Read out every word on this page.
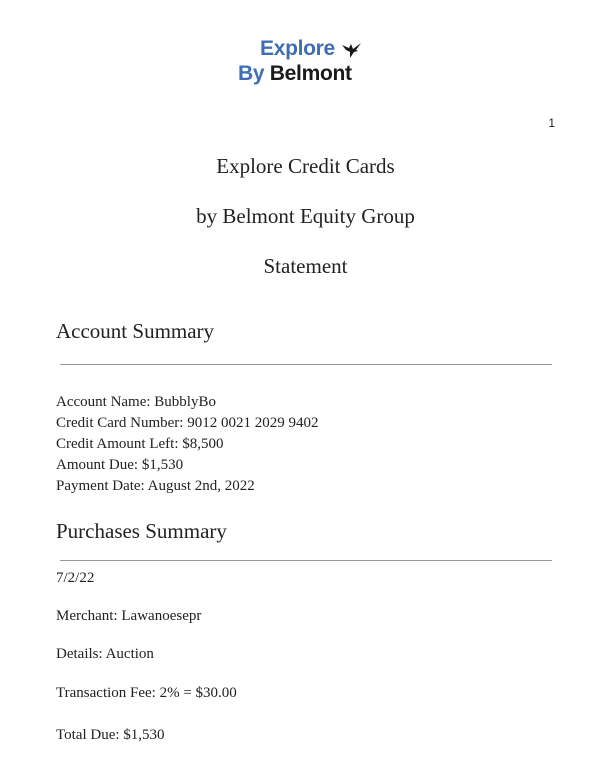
Explore
By Belmont
1
Explore Credit Cards
by Belmont Equity Group
Statement
Account Summary
Account Name: BubblyBo
Credit Card Number: 9012 0021 2029 9402
Credit Amount Left: $8,500
Amount Due: $1,530
Payment Date: August 2nd, 2022
Purchases Summary
7/2/22
Merchant: Lawanoesepr
Details: Auction
Transaction Fee: 2% = $30.00
Total Due: $1,530
